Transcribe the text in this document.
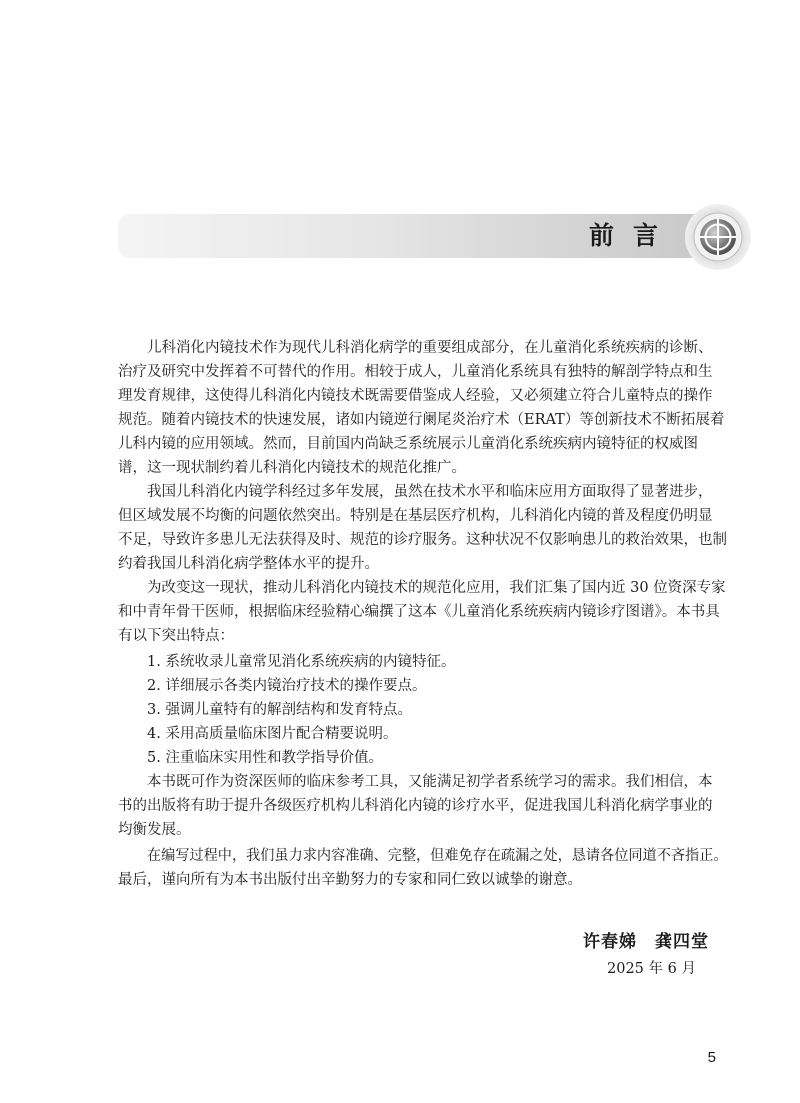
前言
儿科消化内镜技术作为现代儿科消化病学的重要组成部分，在儿童消化系统疾病的诊断、
治疗及研究中发挥着不可替代的作用。相较于成人，儿童消化系统具有独特的解剖学特点和生
理发育规律，这使得儿科消化内镜技术既需要借鉴成人经验，又必须建立符合儿童特点的操作
规范。随着内镜技术的快速发展，诸如内镜逆行阑尾炎治疗术（ERAT）等创新技术不断拓展着
儿科内镜的应用领域。然而，目前国内尚缺乏系统展示儿童消化系统疾病内镜特征的权威图
谱，这一现状制约着儿科消化内镜技术的规范化推广。
我国儿科消化内镜学科经过多年发展，虽然在技术水平和临床应用方面取得了显著进步，
但区域发展不均衡的问题依然突出。特别是在基层医疗机构，儿科消化内镜的普及程度仍明显
不足，导致许多患儿无法获得及时、规范的诊疗服务。这种状况不仅影响患儿的救治效果，也制
约着我国儿科消化病学整体水平的提升。
为改变这一现状，推动儿科消化内镜技术的规范化应用，我们汇集了国内近 30 位资深专家
和中青年骨干医师，根据临床经验精心编撰了这本《儿童消化系统疾病内镜诊疗图谱》。本书具
有以下突出特点：
1. 系统收录儿童常见消化系统疾病的内镜特征。
2. 详细展示各类内镜治疗技术的操作要点。
3. 强调儿童特有的解剖结构和发育特点。
4. 采用高质量临床图片配合精要说明。
5. 注重临床实用性和教学指导价值。
本书既可作为资深医师的临床参考工具，又能满足初学者系统学习的需求。我们相信，本
书的出版将有助于提升各级医疗机构儿科消化内镜的诊疗水平，促进我国儿科消化病学事业的
均衡发展。
在编写过程中，我们虽力求内容准确、完整，但难免存在疏漏之处，恳请各位同道不吝指正。
最后，谨向所有为本书出版付出辛勤努力的专家和同仁致以诚挚的谢意。
许春娣　龚四堂
2025 年 6 月
5
